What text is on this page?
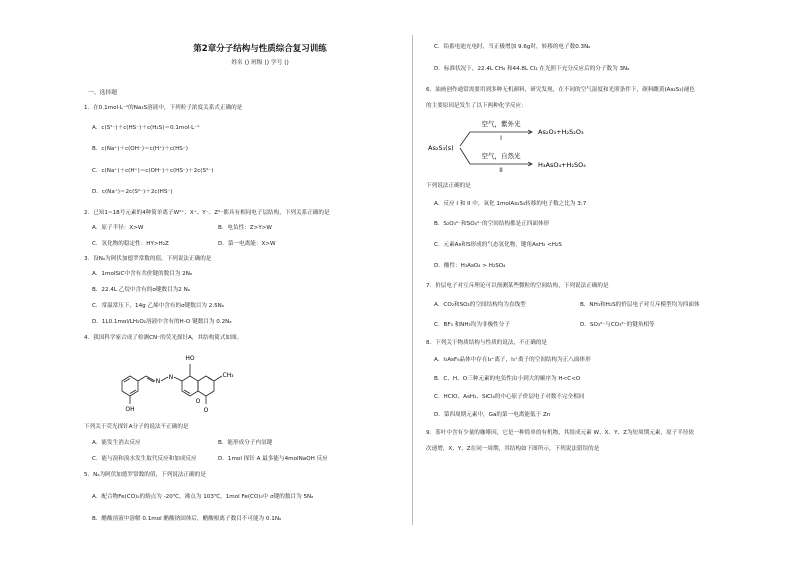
第2章分子结构与性质综合复习训练
姓名 () 班级 () 学号 ()
一、选择题
1．在0.1mol·L⁻¹的Na₂S溶液中，下列粒子浓度关系式正确的是
A．c(S²⁻)＋c(HS⁻)＋c(H₂S)＝0.1mol·L⁻¹
B．c(Na⁺)＋c(OH⁻)＝c(H⁺)＋c(HS⁻)
C．c(Na⁺)＋c(H⁺)＝c(OH⁻)＋c(HS⁻)＋2c(S²⁻)
D．c(Na⁺)＝2c(S²⁻)＋2c(HS⁻)
2．已知1~18号元素的4种简单离子W²⁺、X⁺、Y⁻、Z²⁻都具有相同电子层结构，下列关系正确的是
A．原子半径：X>W	B．电负性：Z>Y>W
C．氢化物的稳定性：HY>H₂Z	D．第一电离能：X>W
3．设Nₐ为阿伏加德罗常数的值，下列说法正确的是
A．1molSiC中含有共价键的数目为 2Nₐ
B．22.4L 乙烷中含有的σ键数目为2 Nₐ
C．常温常压下，14g 乙烯中含有的σ键数目为 2.5Nₐ
D．1L0.1mol/LH₂O₂溶液中含有的H-O 键数目为 0.2Nₐ
4．我国科学家合成了检测CN⁻的荧光探针A，其结构简式如图。
OH
N
N
HO
CH₃
O
O
下列关于荧光探针A分子的说法不正确的是
A．能发生消去反应	B．能形成分子内氢键
C．能与溴和溴水发生取代反应和加成反应	D．1mol 探针 A 最多能与4molNaOH 反应
5．Nₐ为阿伏加德罗常数的值，下列说法正确的是
A．配合物Fe(CO)₅的熔点为 -20℃，沸点为 103℃，1mol Fe(CO)₅中 σ键的数目为 5Nₐ
B．醋酸溶液中溶解 0.1mol 醋酸钠固体后，醋酸根离子数目不可能为 0.1Nₐ
C．铅蓄电池充电时，当正极增加 9.6g时，转移的电子数0.3Nₐ
D．标准状况下，22.4L CH₄ 和44.8L Cl₂ 在光照下充分反应后的分子数为 3Nₐ
6．油画创作通常需要用到多种无机颜料，研究发现，在不同的空气湿度和光照条件下，颜料雌黄(As₂S₃)褪色
的主要原因是发生了以下两种化学反应：
As₂S₃(s)
空气，紫外光
I
As₂O₃+H₂S₂O₃
空气，自然光
II
H₃AsO₄+H₂SO₄
下列说法正确的是
A．反应 I 和 II 中，氧化 1molAs₂S₃转移的电子数之比为 3:7
B．S₂O₃²⁻和SO₄²⁻的空间结构都是正四面体形
C．元素As和S形成的气态氢化物，键角AsH₃ <H₂S
D．酸性：H₃AsO₄ > H₂SO₄
7．价层电子对互斥理论可以预测某些微粒的空间结构，下列说法正确的是
A．CO₂和SO₂的空间结构均为直线型	B．NH₃和H₂S的价层电子对互斥模型均为四面体
C．BF₃ 和NH₃均为非极性分子	D．SO₃²⁻与CO₃²⁻的键角相等
8．下列关于物质结构与性质的说法，不正确的是
A．I₃AsF₆晶体中存在I₃⁺离子，I₃⁺离子的空间结构为正八面体形
B．C、H、O三种元素的电负性由小到大的顺序为 H<C<O
C．HClO、AsH₃、SiCl₄的中心原子价层电子对数不完全相同
D．第四周期元素中，Ga的第一电离能低于 Zn
9．茶叶中含有少量的咖啡因，它是一种简单的有机物，其组成元素 W、X、Y、Z为短周期元素，原子半径依
次递增，X、Y、Z在同一周期，其结构如下图所示，下列说法错误的是
